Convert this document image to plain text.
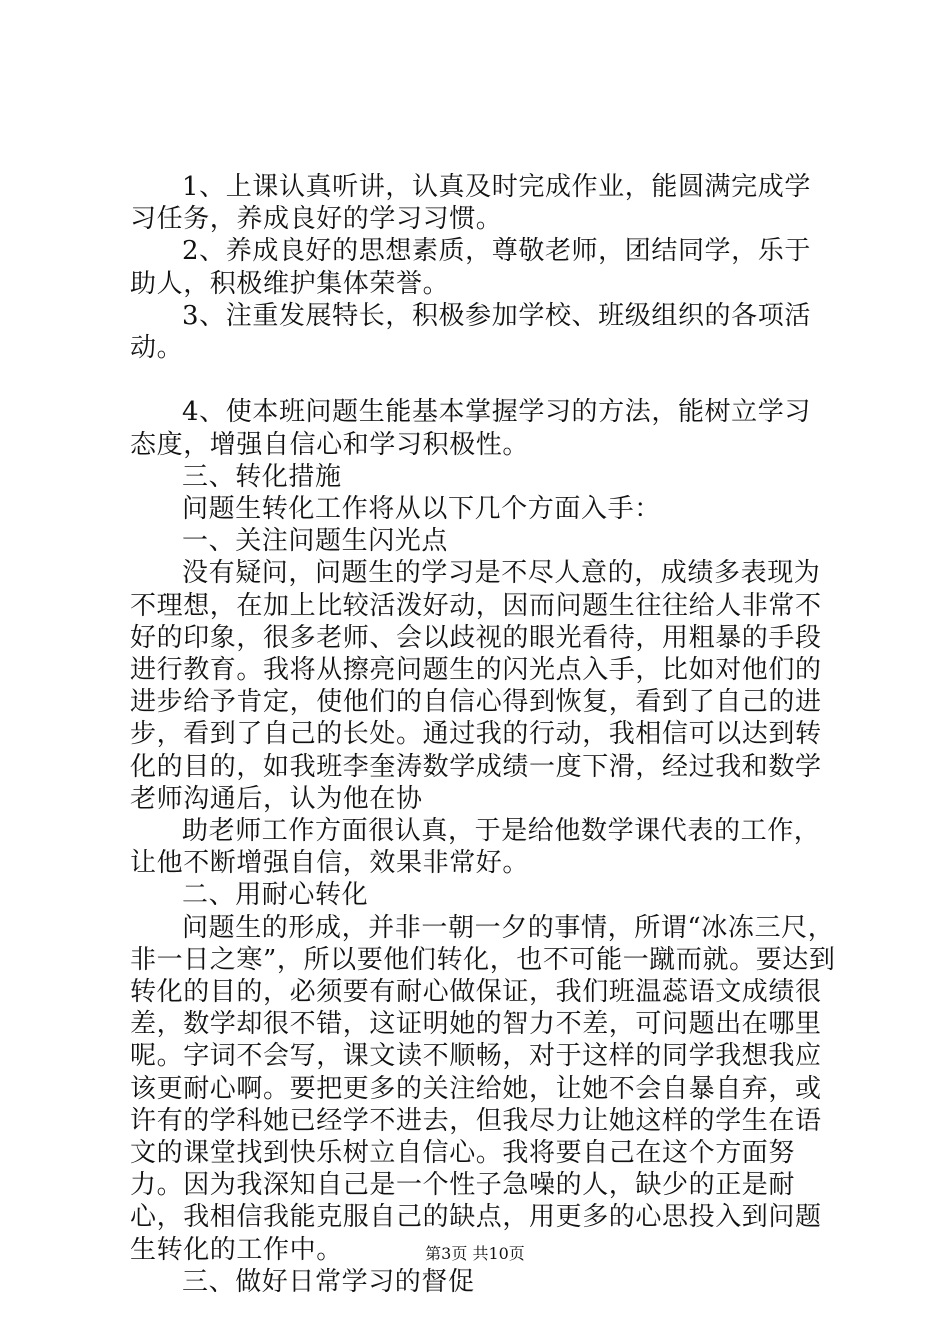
1、上课认真听讲，认真及时完成作业，能圆满完成学习任务，养成良好的学习习惯。

2、养成良好的思想素质，尊敬老师，团结同学，乐于助人，积极维护集体荣誉。

3、注重发展特长，积极参加学校、班级组织的各项活动。

4、使本班问题生能基本掌握学习的方法，能树立学习态度，增强自信心和学习积极性。

三、转化措施

问题生转化工作将从以下几个方面入手：

一、关注问题生闪光点

没有疑问，问题生的学习是不尽人意的，成绩多表现为不理想，在加上比较活泼好动，因而问题生往往给人非常不好的印象，很多老师、会以歧视的眼光看待，用粗暴的手段进行教育。我将从擦亮问题生的闪光点入手，比如对他们的进步给予肯定，使他们的自信心得到恢复，看到了自己的进步，看到了自己的长处。通过我的行动，我相信可以达到转化的目的，如我班李奎涛数学成绩一度下滑，经过我和数学老师沟通后，认为他在协

助老师工作方面很认真，于是给他数学课代表的工作，让他不断增强自信，效果非常好。

二、用耐心转化

问题生的形成，并非一朝一夕的事情，所谓“冰冻三尺，非一日之寒”，所以要他们转化，也不可能一蹴而就。要达到转化的目的，必须要有耐心做保证，我们班温蕊语文成绩很差，数学却很不错，这证明她的智力不差，可问题出在哪里呢。字词不会写，课文读不顺畅，对于这样的同学我想我应该更耐心啊。要把更多的关注给她，让她不会自暴自弃，或许有的学科她已经学不进去，但我尽力让她这样的学生在语文的课堂找到快乐树立自信心。我将要自己在这个方面努力。因为我深知自己是一个性子急噪的人，缺少的正是耐心，我相信我能克服自己的缺点，用更多的心思投入到问题生转化的工作中。

三、做好日常学习的督促

第3页 共10页
